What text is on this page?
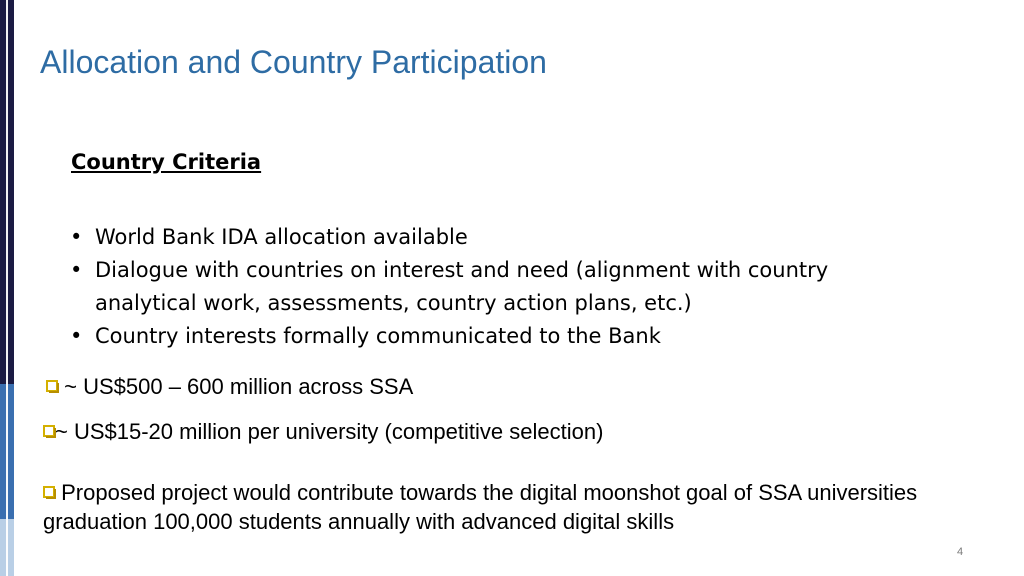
Allocation and Country Participation
Country Criteria
• World Bank IDA allocation available
• Dialogue with countries on interest and need (alignment with country analytical work, assessments, country action plans, etc.)
• Country interests formally communicated to the Bank
~ US$500 – 600 million across SSA
~ US$15-20 million per university (competitive selection)
Proposed project would contribute towards the digital moonshot goal of SSA universities graduation 100,000 students annually with advanced digital skills
4
